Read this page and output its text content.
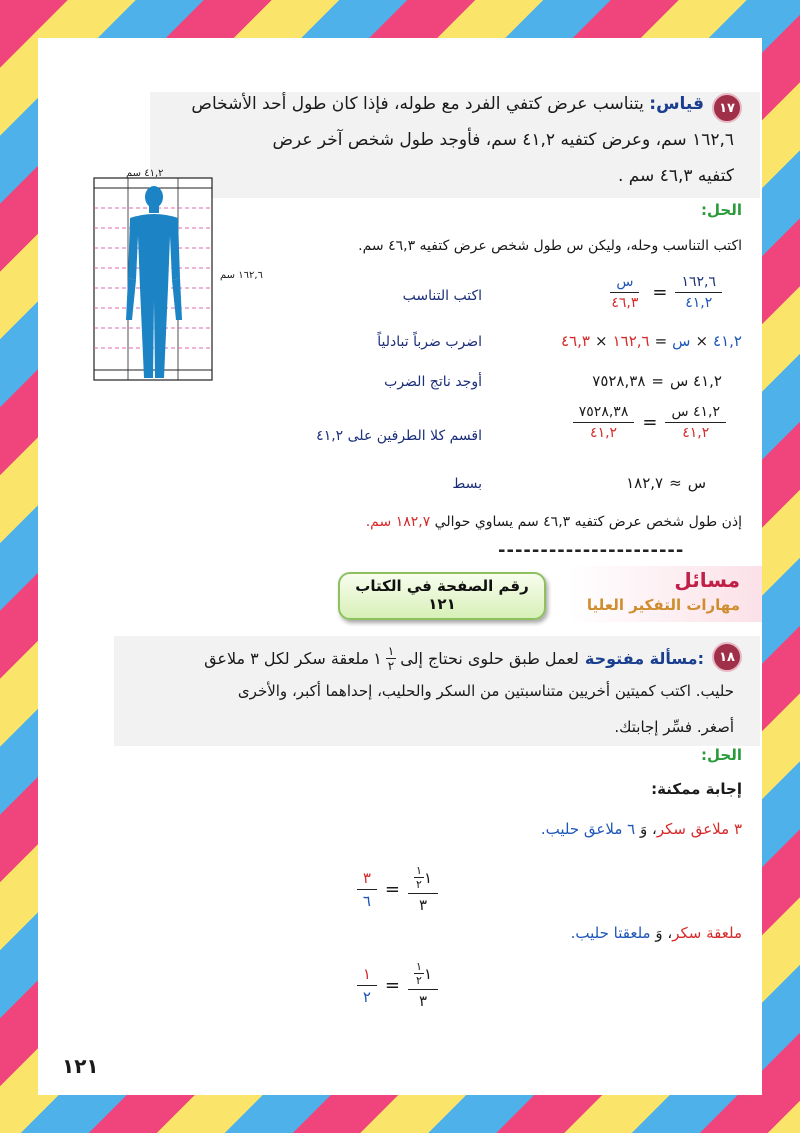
١٧
قياس: يتناسب عرض كتفي الفرد مع طوله، فإذا كان طول أحد الأشخاص
١٦٢,٦ سم، وعرض كتفيه ٤١,٢ سم، فأوجد طول شخص آخر عرض
كتفيه ٤٦,٣ سم .
٤١,٢ سم
١٦٢,٦ سم
الحل:
اكتب التناسب وحله، وليكن س طول شخص عرض كتفيه ٤٦,٣ سم.
$\frac{١٦٢,٦}{٤١,٢}$
=
$\frac{\text{س}}{٤٦,٣}$
اكتب التناسب
٤١,٢
×
س
=
١٦٢,٦
×
٤٦,٣
اضرب ضرباً تبادلياً
٤١,٢ س
=
٧٥٢٨,٣٨
أوجد ناتج الضرب
$\frac{\text{٤١,٢ س}}{٤١,٢}$
=
$\frac{٧٥٢٨,٣٨}{٤١,٢}$
اقسم كلا الطرفين على ٤١,٢
س
≈
١٨٢,٧
بسط
إذن طول شخص عرض كتفيه ٤٦,٣ سم يساوي حوالي ١٨٢,٧ سم.
----------------------
مسائل
مهارات التفكير العليا
رقم الصفحة في الكتاب
١٢١
١٨
مسألة مفتوحة:
لعمل طبق حلوى نحتاج إلى
$\frac{١}{٢}$
١
ملعقة سكر لكل ٣ ملاعق
حليب. اكتب كميتين أخريين متناسبتين من السكر والحليب، إحداهما أكبر، والأخرى
أصغر. فسِّر إجابتك.
الحل:
إجابة ممكنة:
٣ ملاعق سكر، وَ ٦ ملاعق حليب.
١
$\frac{١}{٢}$
٣
=
$\frac{٣}{٦}$
ملعقة سكر، وَ ملعقتا حليب.
١
$\frac{١}{٢}$
٣
=
$\frac{١}{٢}$
١٢١
